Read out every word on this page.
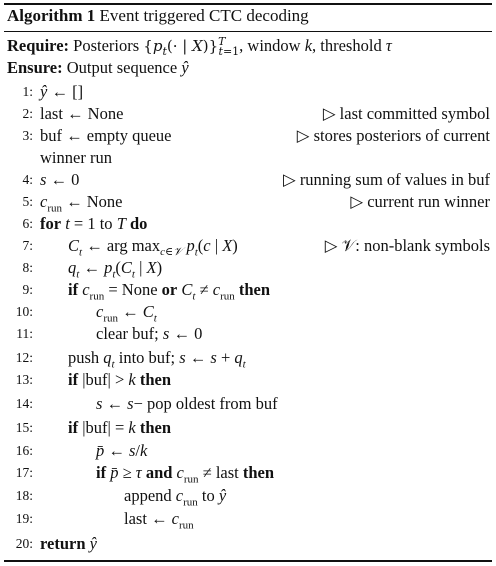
Algorithm 1 Event triggered CTC decoding
Require: Posteriors {$p_t(\cdot$ | X)}$^T_{t=1}$, window k, threshold τ
Ensure: Output sequence ŷ
1: ŷ ← []
2: last ← None	▷ last committed symbol
3: buf ← empty queue	▷ stores posteriors of current
winner run
4: s ← 0	▷ running sum of values in buf
5: $c_{run}$ ← None	▷ current run winner
6: for t = 1 to T do
7: $C_t$ ← arg $\max_{c\in 𝒱} p_t(c$ | X)	▷ 𝒱: non-blank symbols
8: $q_t$ ← $p_t(C_t$ | X)
9: if $c_{run}$ = None or $C_t \ne c_{run}$ then
10:	$c_{run}$ ← $C_t$
11:	clear buf; s ← 0
12: push $q_t$ into buf; s ← $s + q_t$
13: if |buf| > k then
14:	s ← s− pop oldest from buf
15: if |buf| = k then
16:	p̄ ← s/k
17:	if p̄ ≥ τ and $c_{run}$ ≠ last then
18:	append $c_{run}$ to ŷ
19:	last ← $c_{run}$
20: return ŷ
